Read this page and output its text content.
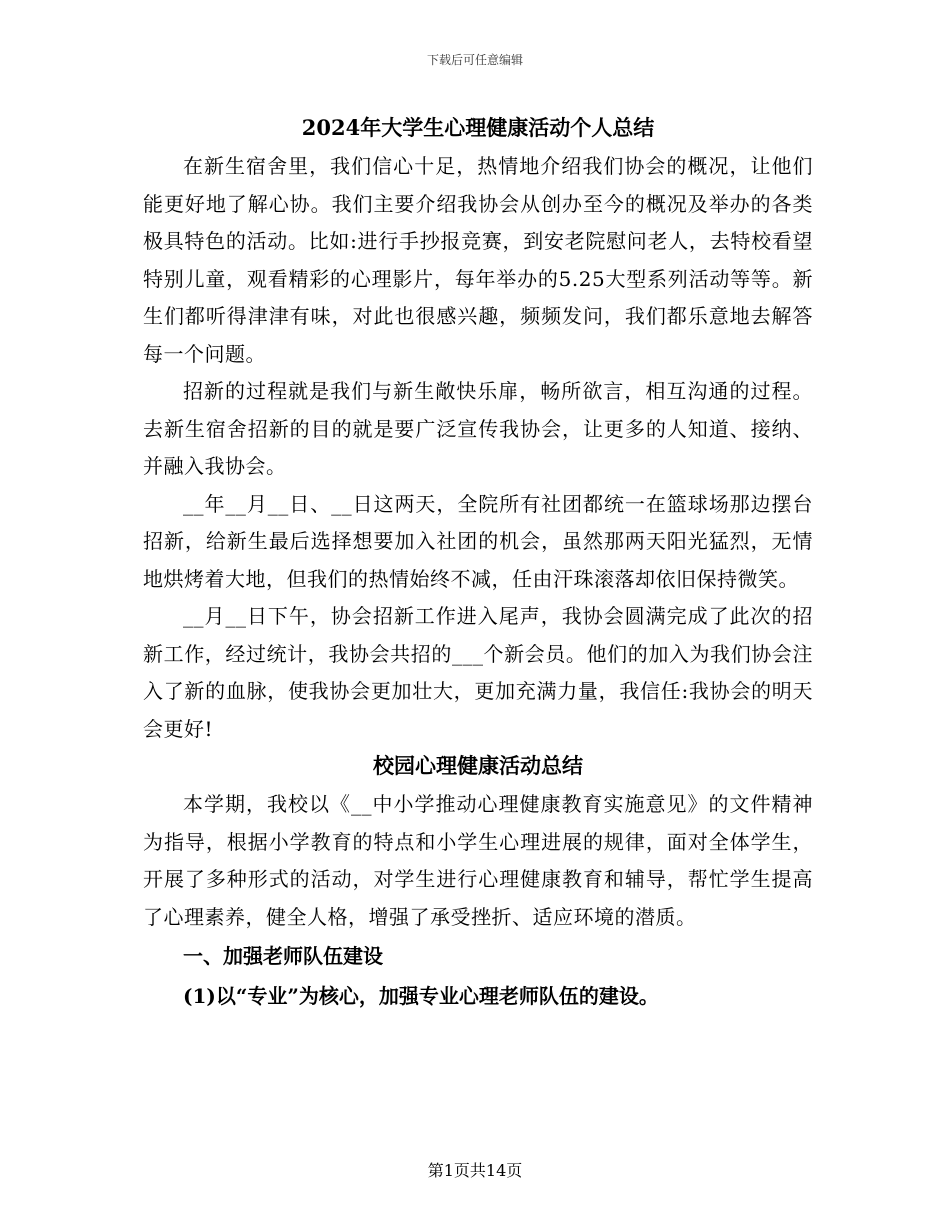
下载后可任意编辑
2024年大学生心理健康活动个人总结

在新生宿舍里，我们信心十足，热情地介绍我们协会的概况，让他们能更好地了解心协。我们主要介绍我协会从创办至今的概况及举办的各类极具特色的活动。比如:进行手抄报竞赛，到安老院慰问老人，去特校看望特别儿童，观看精彩的心理影片，每年举办的5.25大型系列活动等等。新生们都听得津津有味，对此也很感兴趣，频频发问，我们都乐意地去解答每一个问题。

招新的过程就是我们与新生敞快乐扉，畅所欲言，相互沟通的过程。去新生宿舍招新的目的就是要广泛宣传我协会，让更多的人知道、接纳、并融入我协会。

__年__月__日、__日这两天，全院所有社团都统一在篮球场那边摆台招新，给新生最后选择想要加入社团的机会，虽然那两天阳光猛烈，无情地烘烤着大地，但我们的热情始终不减，任由汗珠滚落却依旧保持微笑。

__月__日下午，协会招新工作进入尾声，我协会圆满完成了此次的招新工作，经过统计，我协会共招的___个新会员。他们的加入为我们协会注入了新的血脉，使我协会更加壮大，更加充满力量，我信任:我协会的明天会更好!

校园心理健康活动总结

本学期，我校以《__中小学推动心理健康教育实施意见》的文件精神为指导，根据小学教育的特点和小学生心理进展的规律，面对全体学生，开展了多种形式的活动，对学生进行心理健康教育和辅导，帮忙学生提高了心理素养，健全人格，增强了承受挫折、适应环境的潜质。

一、加强老师队伍建设

(1)以“专业”为核心，加强专业心理老师队伍的建设。

第1页共14页
